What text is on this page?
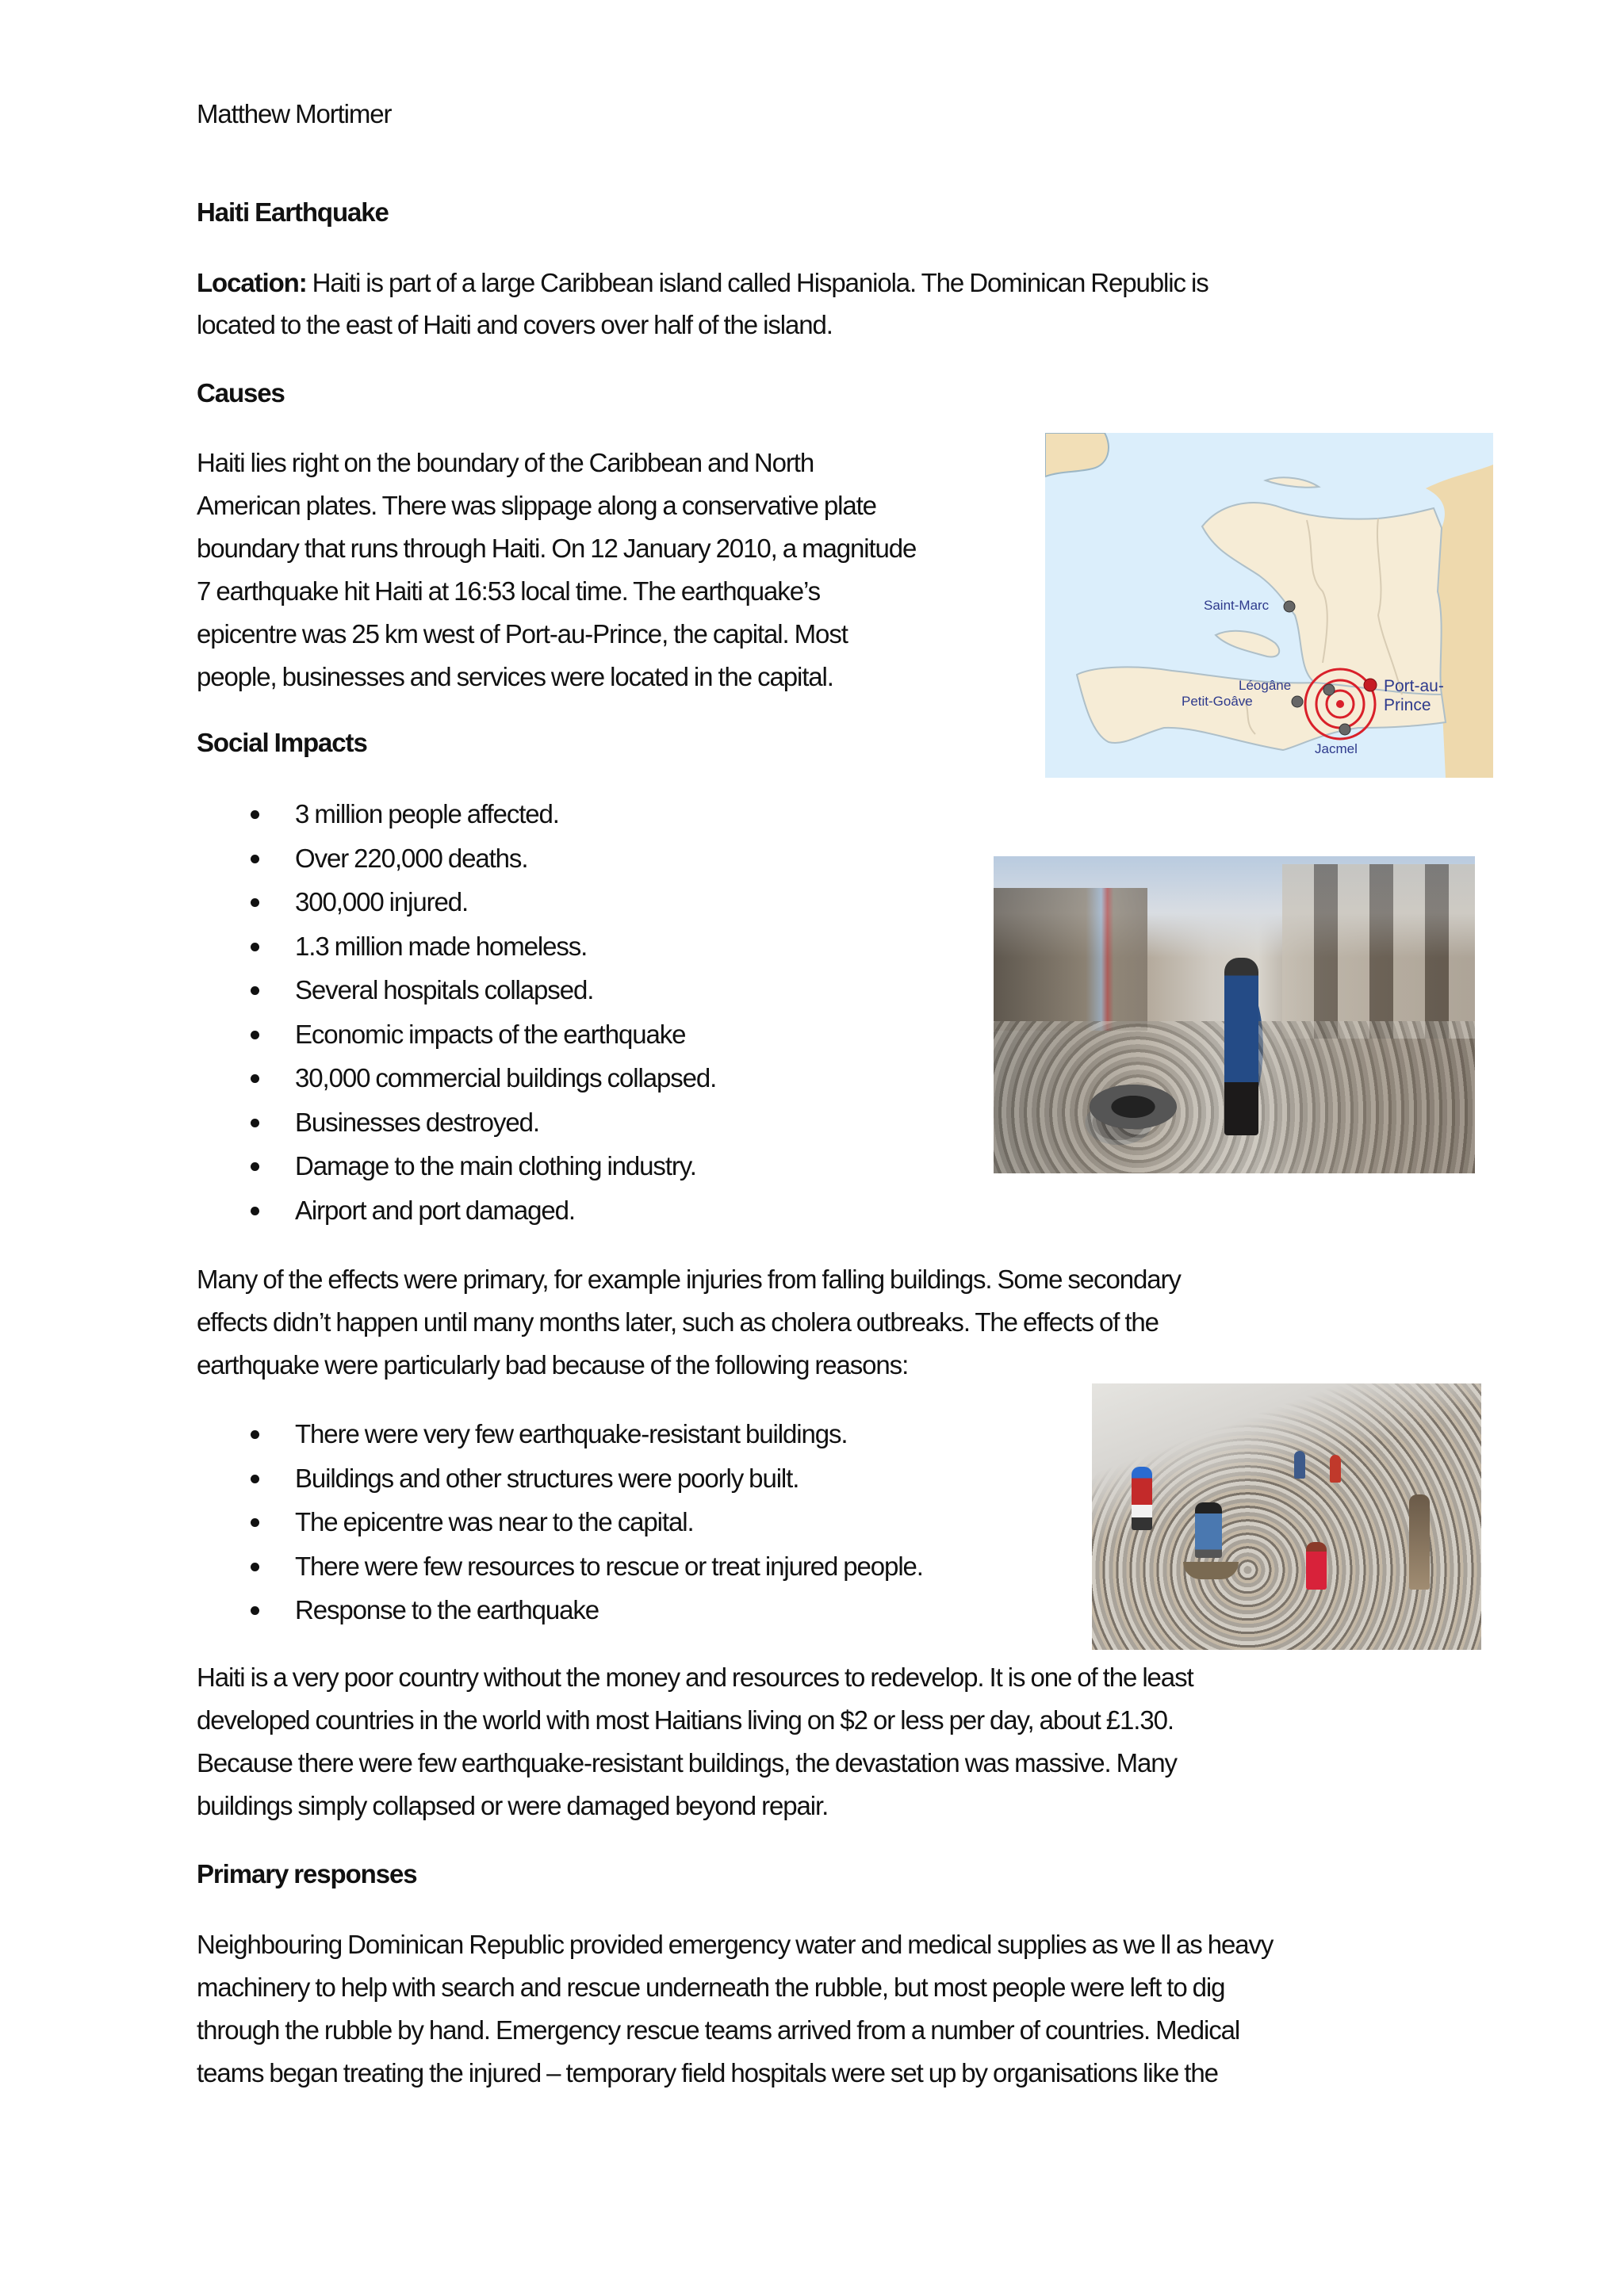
Matthew Mortimer
Haiti Earthquake
Location: Haiti is part of a large Caribbean island called Hispaniola. The Dominican Republic is
located to the east of Haiti and covers over half of the island.
Causes
Haiti lies right on the boundary of the Caribbean and North
American plates. There was slippage along a conservative plate
boundary that runs through Haiti. On 12 January 2010, a magnitude
7 earthquake hit Haiti at 16:53 local time. The earthquake’s
epicentre was 25 km west of Port-au-Prince, the capital. Most
people, businesses and services were located in the capital.
Saint-Marc
Léogâne
Petit-Goâve
Port-au-
Prince
Jacmel
Social Impacts
3 million people affected.
Over 220,000 deaths.
300,000 injured.
1.3 million made homeless.
Several hospitals collapsed.
Economic impacts of the earthquake
30,000 commercial buildings collapsed.
Businesses destroyed.
Damage to the main clothing industry.
Airport and port damaged.
Many of the effects were primary, for example injuries from falling buildings. Some secondary
effects didn’t happen until many months later, such as cholera outbreaks. The effects of the
earthquake were particularly bad because of the following reasons:
There were very few earthquake-resistant buildings.
Buildings and other structures were poorly built.
The epicentre was near to the capital.
There were few resources to rescue or treat injured people.
Response to the earthquake
Haiti is a very poor country without the money and resources to redevelop. It is one of the least
developed countries in the world with most Haitians living on $2 or less per day, about £1.30.
Because there were few earthquake-resistant buildings, the devastation was massive. Many
buildings simply collapsed or were damaged beyond repair.
Primary responses
Neighbouring Dominican Republic provided emergency water and medical supplies as we ll as heavy
machinery to help with search and rescue underneath the rubble, but most people were left to dig
through the rubble by hand. Emergency rescue teams arrived from a number of countries. Medical
teams began treating the injured – temporary field hospitals were set up by organisations like the
